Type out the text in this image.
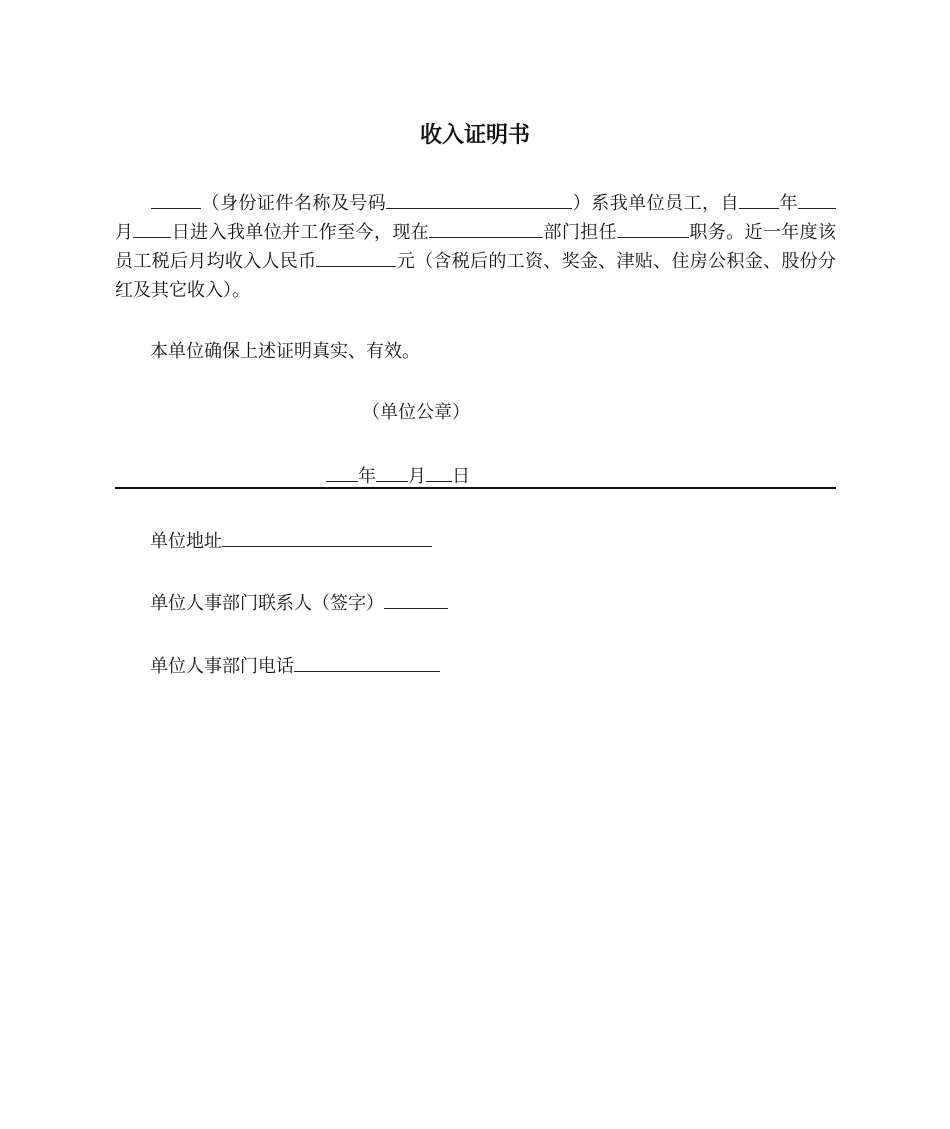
收入证明书
（身份证件名称及号码	）系我单位员工，自 年月 日进入我单位并工作至今，现在	部门担任	职务。近一年度该员工税后月均收入人民币	元（含税后的工资、奖金、津贴、住房公积金、股份分红及其它收入）。
本单位确保上述证明真实、有效。
（单位公章）
年 月 日
单位地址
单位人事部门联系人（签字）
单位人事部门电话
